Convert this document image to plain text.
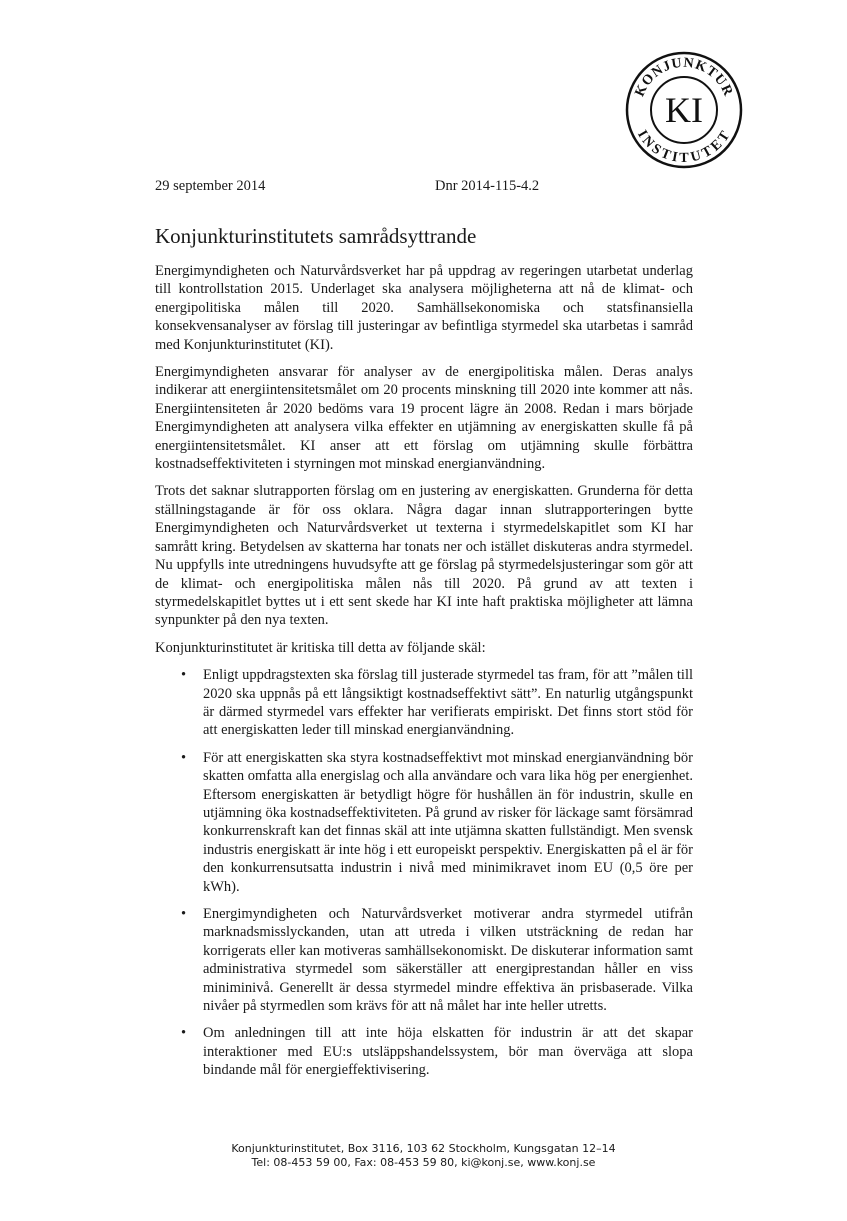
KONJUNKTUR
INSTITUTET
KI
29 september 2014	Dnr 2014-115-4.2
Konjunkturinstitutets samrådsyttrande

Energimyndigheten och Naturvårdsverket har på uppdrag av regeringen utarbetat underlag till kontrollstation 2015. Underlaget ska analysera möjligheterna att nå de klimat- och energipolitiska målen till 2020. Samhällsekonomiska och statsfinansiella konsekvensanalyser av förslag till justeringar av befintliga styrmedel ska utarbetas i samråd med Konjunkturinstitutet (KI).

Energimyndigheten ansvarar för analyser av de energipolitiska målen. Deras analys indikerar att energiintensitetsmålet om 20 procents minskning till 2020 inte kommer att nås. Energiintensiteten år 2020 bedöms vara 19 procent lägre än 2008. Redan i mars började Energimyndigheten att analysera vilka effekter en utjämning av energiskatten skulle få på energiintensitetsmålet. KI anser att ett förslag om utjämning skulle förbättra kostnadseffektiviteten i styrningen mot minskad energianvändning.

Trots det saknar slutrapporten förslag om en justering av energiskatten. Grunderna för detta ställningstagande är för oss oklara. Några dagar innan slutrapporteringen bytte Energimyndigheten och Naturvårdsverket ut texterna i styrmedelskapitlet som KI har samrått kring. Betydelsen av skatterna har tonats ner och istället diskuteras andra styrmedel. Nu uppfylls inte utredningens huvudsyfte att ge förslag på styrmedelsjusteringar som gör att de klimat- och energipolitiska målen nås till 2020. På grund av att texten i styrmedelskapitlet byttes ut i ett sent skede har KI inte haft praktiska möjligheter att lämna synpunkter på den nya texten.

Konjunkturinstitutet är kritiska till detta av följande skäl:

• Enligt uppdragstexten ska förslag till justerade styrmedel tas fram, för att ”målen till 2020 ska uppnås på ett långsiktigt kostnadseffektivt sätt”. En naturlig utgångspunkt är därmed styrmedel vars effekter har verifierats empiriskt. Det finns stort stöd för att energiskatten leder till minskad energianvändning.
• För att energiskatten ska styra kostnadseffektivt mot minskad energianvändning bör skatten omfatta alla energislag och alla användare och vara lika hög per energienhet. Eftersom energiskatten är betydligt högre för hushållen än för industrin, skulle en utjämning öka kostnadseffektiviteten. På grund av risker för läckage samt försämrad konkurrenskraft kan det finnas skäl att inte utjämna skatten fullständigt. Men svensk industris energiskatt är inte hög i ett europeiskt perspektiv. Energiskatten på el är för den konkurrensutsatta industrin i nivå med minimikravet inom EU (0,5 öre per kWh).
• Energimyndigheten och Naturvårdsverket motiverar andra styrmedel utifrån marknadsmisslyckanden, utan att utreda i vilken utsträckning de redan har korrigerats eller kan motiveras samhällsekonomiskt. De diskuterar information samt administrativa styrmedel som säkerställer att energiprestandan håller en viss miniminivå. Generellt är dessa styrmedel mindre effektiva än prisbaserade. Vilka nivåer på styrmedlen som krävs för att nå målet har inte heller utretts.
• Om anledningen till att inte höja elskatten för industrin är att det skapar interaktioner med EU:s utsläppshandelssystem, bör man överväga att slopa bindande mål för energieffektivisering.
Konjunkturinstitutet, Box 3116, 103 62 Stockholm, Kungsgatan 12–14
Tel: 08-453 59 00, Fax: 08-453 59 80, ki@konj.se, www.konj.se
